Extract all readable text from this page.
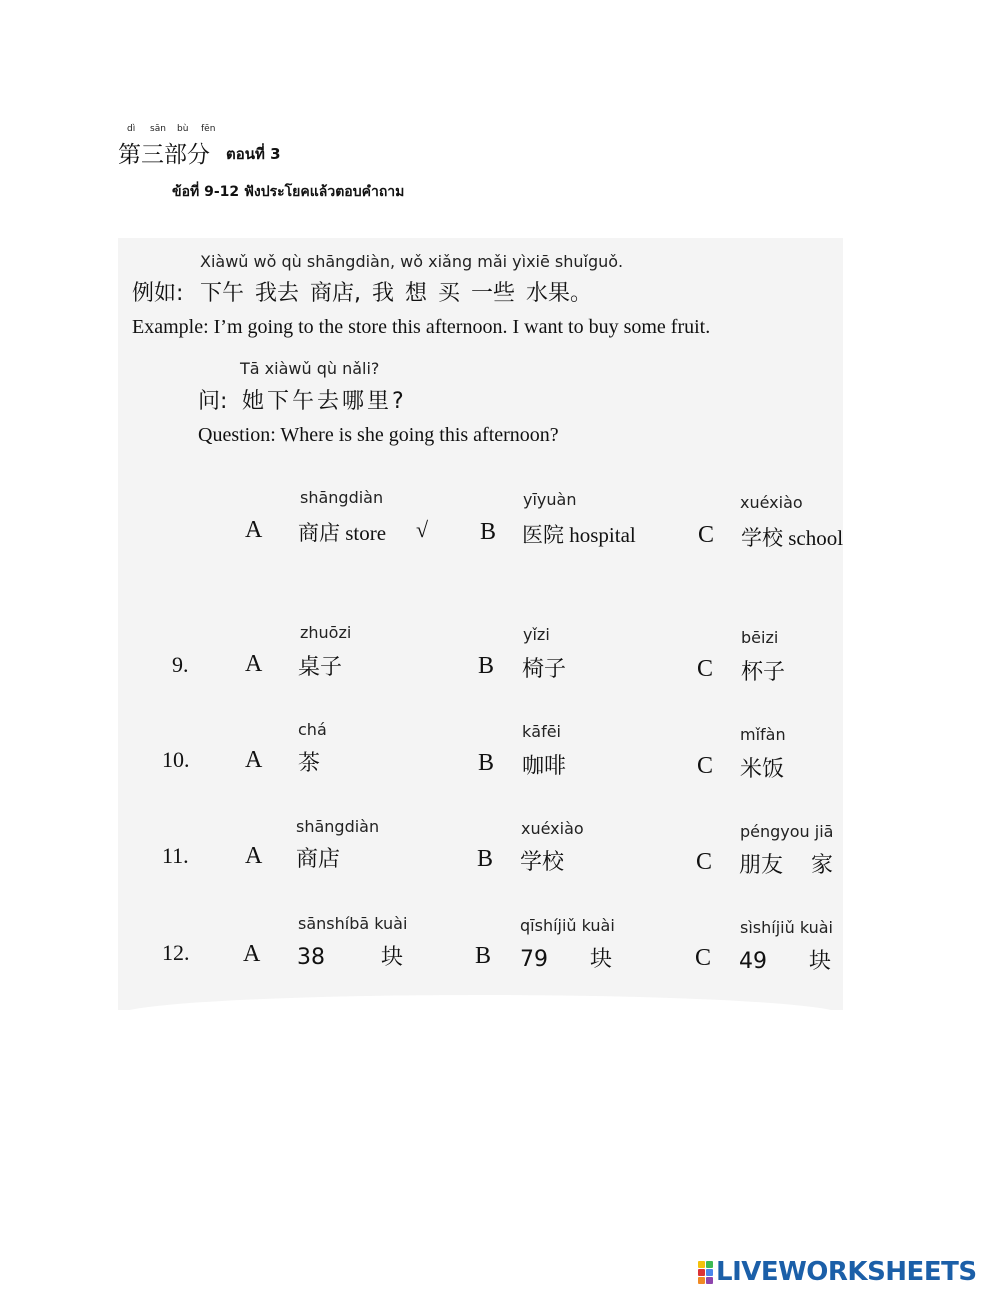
dì sān bù fēn
第三部分 ตอนที่ 3
ข้อที่ 9-12 ฟังประโยคแล้วตอบคำถาม
Xiàwǔ wǒ qù shāngdiàn, wǒ xiǎng mǎi yìxiē shuǐguǒ.
例如: 下午 我去 商店, 我 想 买 一些 水果。
Example: I’m going to the store this afternoon. I want to buy some fruit.
Tā xiàwǔ qù nǎli?
问: 她下午去哪里?
Question: Where is she going this afternoon?
shāngdiàn
A 商店 store √
yīyuàn
B 医院 hospital
xuéxiào
C 学校 school
9.
zhuōzi
A 桌子
yǐzi
B 椅子
bēizi
C 杯子
10.
chá
A 茶
kāfēi
B 咖啡
mǐfàn
C 米饭
11.
shāngdiàn
A 商店
xuéxiào
B 学校
péngyou jiā
C 朋友    家
12.
sānshíbā kuài
A 38        块
qīshíjiǔ kuài
B 79      块
sìshíjiǔ kuài
C 49      块
LIVEWORKSHEETS
